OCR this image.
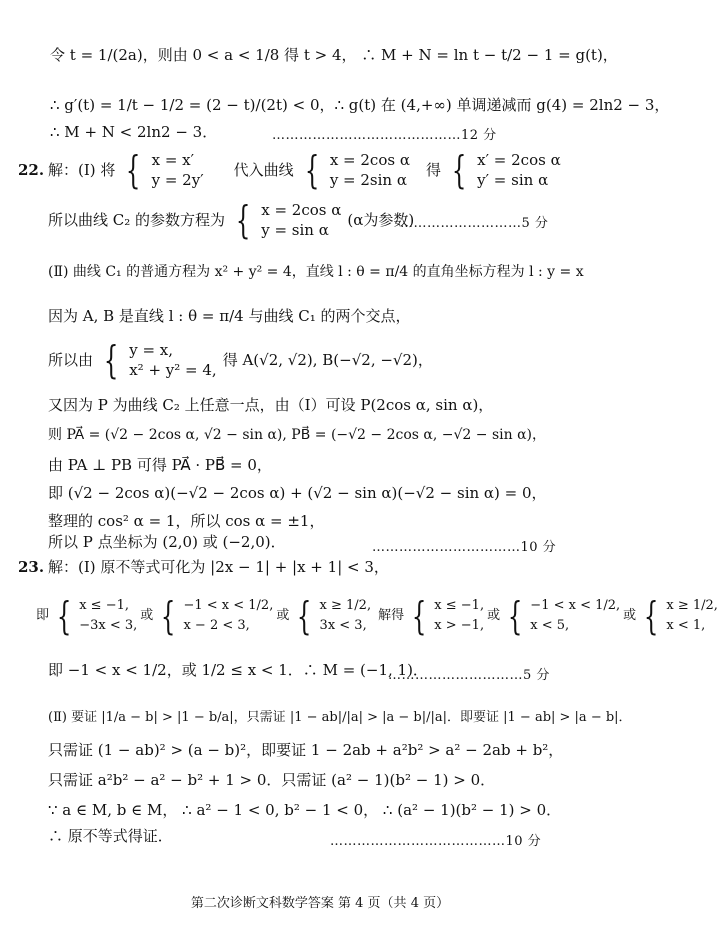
令 t = 1/(2a)，则由 0 < a < 1/8 得 t > 4， ∴ M + N = ln t − t/2 − 1 = g(t)，
∴ g′(t) = 1/t − 1/2 = (2 − t)/(2t) < 0，∴ g(t) 在 (4,+∞) 单调递减而 g(4) = 2ln2 − 3，
∴ M + N < 2ln2 − 3．	……………………………………12 分
22. 解：(Ⅰ) 将 { x = x′
y = 2y′
代入曲线 { x = 2cos α
y = 2sin α
得 { x′ = 2cos α
y′ = sin α
所以曲线 C₂ 的参数方程为 { x = 2cos α
y = sin α
(α为参数)
………………………5 分
(Ⅱ) 曲线 C₁ 的普通方程为 x² + y² = 4，直线 l : θ = π/4 的直角坐标方程为 l : y = x
因为 A, B 是直线 l : θ = π/4 与曲线 C₁ 的两个交点，
所以由 { y = x,
x² + y² = 4,
得 A(√2, √2), B(−√2, −√2)，
又因为 P 为曲线 C₂ 上任意一点，由（Ⅰ）可设 P(2cos α, sin α)，
则 PA⃗ = (√2 − 2cos α, √2 − sin α), PB⃗ = (−√2 − 2cos α, −√2 − sin α)，
由 PA ⊥ PB 可得 PA⃗ · PB⃗ = 0，
即 (√2 − 2cos α)(−√2 − 2cos α) + (√2 − sin α)(−√2 − sin α) = 0，
整理的 cos² α = 1，所以 cos α = ±1，
所以 P 点坐标为 (2,0) 或 (−2,0)．	……………………………10 分
23. 解：(Ⅰ) 原不等式可化为 |2x − 1| + |x + 1| < 3，
即 { x ≤ −1,
−3x < 3,
或 { −1 < x < 1/2,
x − 2 < 3,
或 { x ≥ 1/2,
3x < 3,
解得 { x ≤ −1,
x > −1,
或 { −1 < x < 1/2,
x < 5,
或 { x ≥ 1/2,
x < 1,
即 −1 < x < 1/2，或 1/2 ≤ x < 1．∴ M = (−1, 1)．
…………………………5 分
(Ⅱ) 要证 |1/a − b| > |1 − b/a|，只需证 |1 − ab|/|a| > |a − b|/|a|．即要证 |1 − ab| > |a − b|．
只需证 (1 − ab)² > (a − b)²，即要证 1 − 2ab + a²b² > a² − 2ab + b²，
只需证 a²b² − a² − b² + 1 > 0．只需证 (a² − 1)(b² − 1) > 0．
∵ a ∈ M, b ∈ M， ∴ a² − 1 < 0, b² − 1 < 0， ∴ (a² − 1)(b² − 1) > 0．
∴ 原不等式得证．	…………………………………10 分
第二次诊断文科数学答案 第 4 页（共 4 页）
